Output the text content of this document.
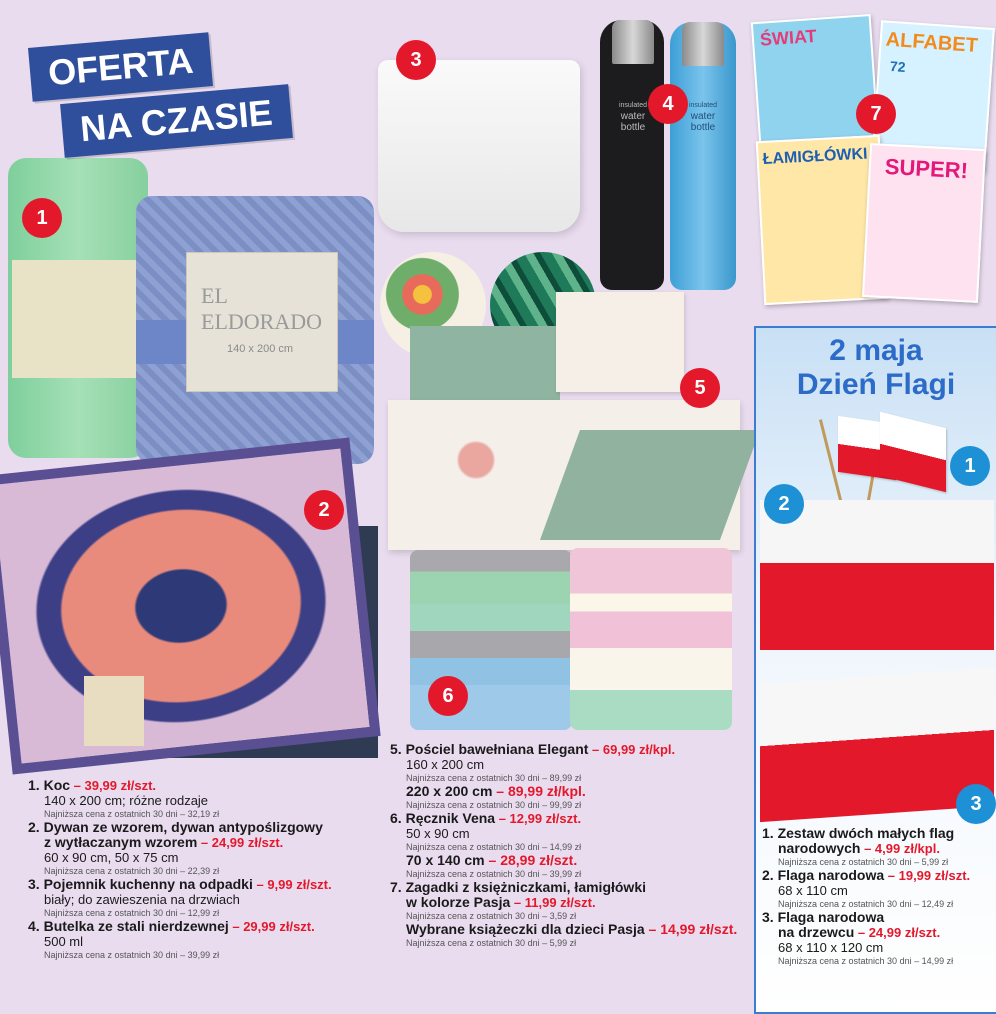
EL ELDORADO
140 x 200 cm
insulated
water
bottle
insulated
water
bottle
ŚWIAT	ALFABET
72
ŁAMIGŁÓWKI SUPER!
OFERTA
NA CZASIE
1
2
3
4
5
6
7
2 maja
Dzień Flagi
1
2
3
1. Koc – 39,99 zł/szt.
140 x 200 cm; różne rodzaje
Najniższa cena z ostatnich 30 dni – 32,19 zł
2. Dywan ze wzorem, dywan antypoślizgowy
z wytłaczanym wzorem – 24,99 zł/szt.
60 x 90 cm, 50 x 75 cm
Najniższa cena z ostatnich 30 dni – 22,39 zł
3. Pojemnik kuchenny na odpadki – 9,99 zł/szt.
biały; do zawieszenia na drzwiach
Najniższa cena z ostatnich 30 dni – 12,99 zł
4. Butelka ze stali nierdzewnej – 29,99 zł/szt.
500 ml
Najniższa cena z ostatnich 30 dni – 39,99 zł
5. Pościel bawełniana Elegant – 69,99 zł/kpl.
160 x 200 cm
Najniższa cena z ostatnich 30 dni – 89,99 zł
220 x 200 cm – 89,99 zł/kpl.
Najniższa cena z ostatnich 30 dni – 99,99 zł
6. Ręcznik Vena – 12,99 zł/szt.
50 x 90 cm
Najniższa cena z ostatnich 30 dni – 14,99 zł
70 x 140 cm – 28,99 zł/szt.
Najniższa cena z ostatnich 30 dni – 39,99 zł
7. Zagadki z księżniczkami, łamigłówki
w kolorze Pasja – 11,99 zł/szt.
Najniższa cena z ostatnich 30 dni – 3,59 zł
Wybrane książeczki dla dzieci Pasja – 14,99 zł/szt.
Najniższa cena z ostatnich 30 dni – 5,99 zł
1. Zestaw dwóch małych flag
narodowych – 4,99 zł/kpl.
Najniższa cena z ostatnich 30 dni – 5,99 zł
2. Flaga narodowa – 19,99 zł/szt.
68 x 110 cm
Najniższa cena z ostatnich 30 dni – 12,49 zł
3. Flaga narodowa
na drzewcu – 24,99 zł/szt.
68 x 110 x 120 cm
Najniższa cena z ostatnich 30 dni – 14,99 zł
